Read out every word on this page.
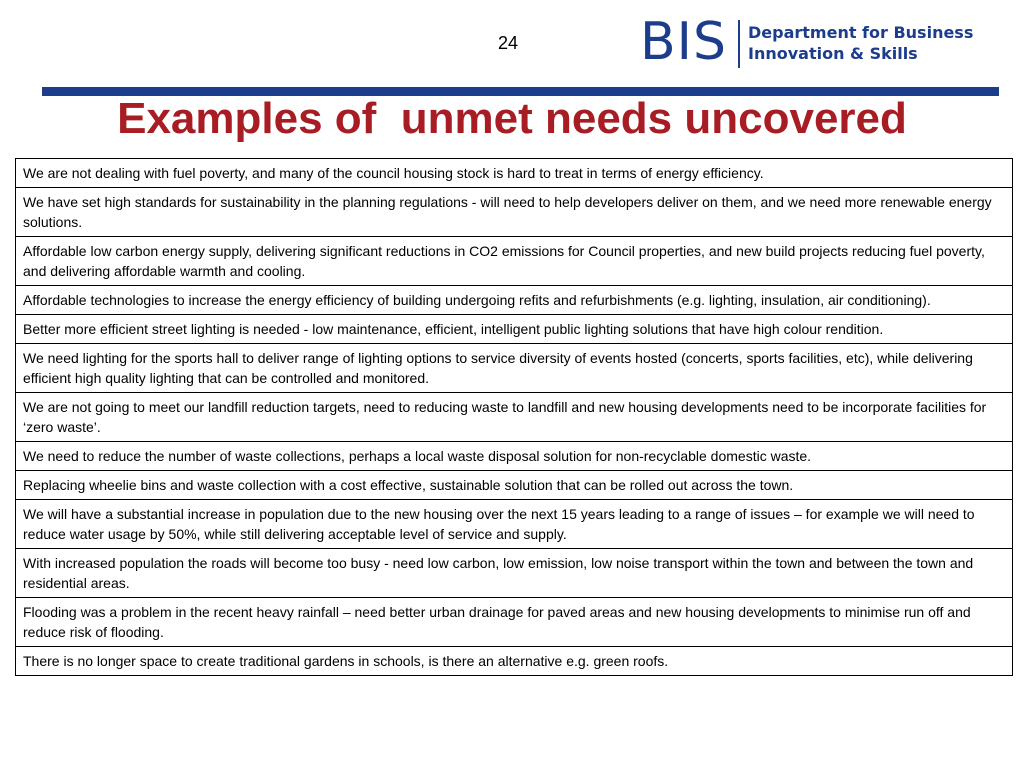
24 BIS Department for Business
Innovation & Skills
Examples of  unmet needs uncovered
We are not dealing with fuel poverty, and many of the council housing stock is hard to treat in terms of energy efficiency.
We have set high standards for sustainability in the planning regulations - will need to help developers deliver on them, and we need more renewable energy solutions.
Affordable low carbon energy supply, delivering significant reductions in CO2 emissions for Council properties, and new build projects reducing fuel poverty, and delivering affordable warmth and cooling.
Affordable technologies to increase the energy efficiency of building undergoing refits and refurbishments (e.g. lighting, insulation, air conditioning).
Better more efficient street lighting is needed - low maintenance, efficient, intelligent public lighting solutions that have high colour rendition.
We need lighting for the sports hall to deliver range of lighting options to service diversity of events hosted (concerts, sports facilities, etc), while delivering efficient high quality lighting that can be controlled and monitored.
We are not going to meet our landfill reduction targets, need to reducing waste to landfill and new housing developments need to be incorporate facilities for ‘zero waste’.
We need to reduce the number of waste collections, perhaps a local waste disposal solution for non-recyclable domestic waste.
Replacing wheelie bins and waste collection with a cost effective, sustainable solution that can be rolled out across the town.
We will have a substantial increase in population due to the new housing over the next 15 years leading to a range of issues – for example we will need to reduce water usage by 50%, while still delivering acceptable level of service and supply.
With increased population the roads will become too busy - need low carbon, low emission, low noise transport within the town and between the town and residential areas.
Flooding was a problem in the recent heavy rainfall – need better urban drainage for paved areas and new housing developments to minimise run off and reduce risk of flooding.
There is no longer space to create traditional gardens in schools, is there an alternative e.g. green roofs.
